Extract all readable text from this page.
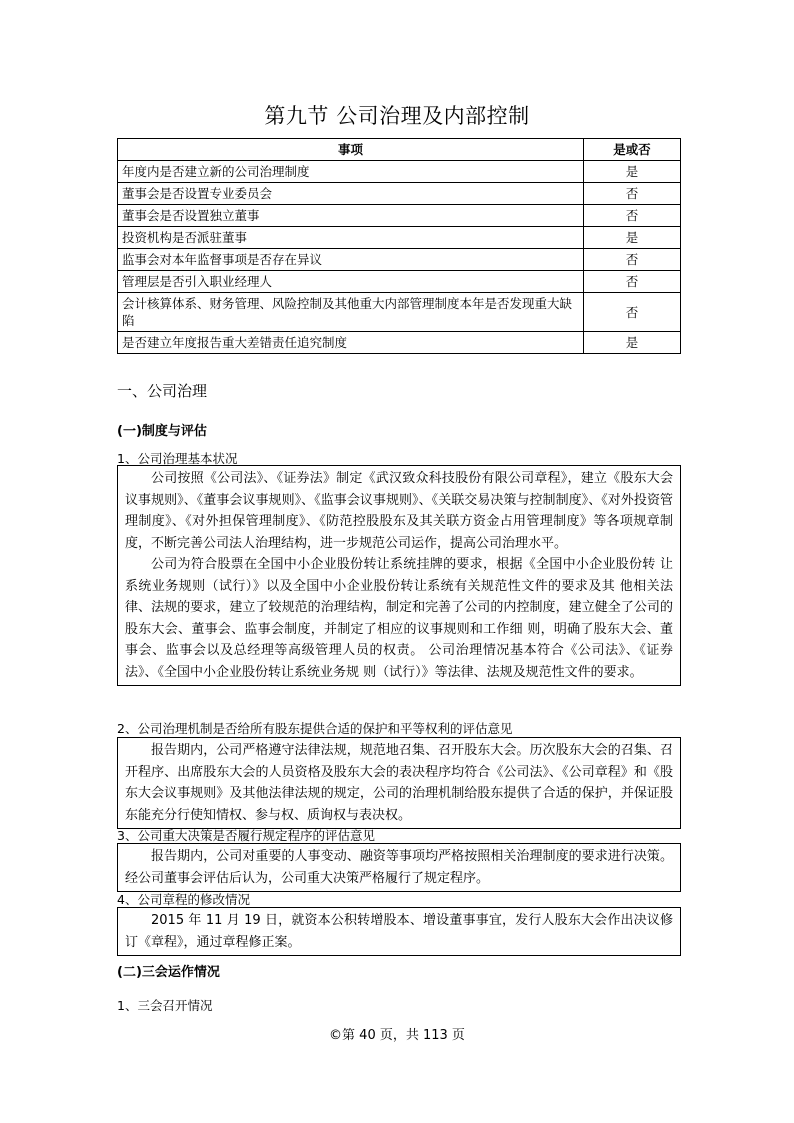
第九节 公司治理及内部控制
事项	是或否
年度内是否建立新的公司治理制度	是
董事会是否设置专业委员会	否
董事会是否设置独立董事	否
投资机构是否派驻董事	是
监事会对本年监督事项是否存在异议	否
管理层是否引入职业经理人	否
会计核算体系、财务管理、风险控制及其他重大内部管理制度本年是否发现重大缺陷	否
是否建立年度报告重大差错责任追究制度	是
一、公司治理
(一)制度与评估
1、公司治理基本状况

公司按照《公司法》、《证券法》制定《武汉致众科技股份有限公司章程》，建立《股东大会议事规则》、《董事会议事规则》、《监事会议事规则》、《关联交易决策与控制制度》、《对外投资管理制度》、《对外担保管理制度》、《防范控股股东及其关联方资金占用管理制度》等各项规章制度，不断完善公司法人治理结构，进一步规范公司运作，提高公司治理水平。

公司为符合股票在全国中小企业股份转让系统挂牌的要求，根据《全国中小企业股份转 让系统业务规则（试行）》以及全国中小企业股份转让系统有关规范性文件的要求及其 他相关法律、法规的要求，建立了较规范的治理结构，制定和完善了公司的内控制度，建立健全了公司的股东大会、董事会、监事会制度，并制定了相应的议事规则和工作细 则，明确了股东大会、董事会、监事会以及总经理等高级管理人员的权责。 公司治理情况基本符合《公司法》、《证券法》、《全国中小企业股份转让系统业务规 则（试行）》等法律、法规及规范性文件的要求。

2、公司治理机制是否给所有股东提供合适的保护和平等权利的评估意见

报告期内，公司严格遵守法律法规，规范地召集、召开股东大会。历次股东大会的召集、召开程序、出席股东大会的人员资格及股东大会的表决程序均符合《公司法》、《公司章程》和《股东大会议事规则》及其他法律法规的规定，公司的治理机制给股东提供了合适的保护，并保证股东能充分行使知情权、参与权、质询权与表决权。

3、公司重大决策是否履行规定程序的评估意见

报告期内，公司对重要的人事变动、融资等事项均严格按照相关治理制度的要求进行决策。经公司董事会评估后认为，公司重大决策严格履行了规定程序。

4、公司章程的修改情况

2015 年 11 月 19 日，就资本公积转增股本、增设董事事宜，发行人股东大会作出决议修订《章程》，通过章程修正案。

(二)三会运作情况
1、三会召开情况
©第 40 页，共 113 页
